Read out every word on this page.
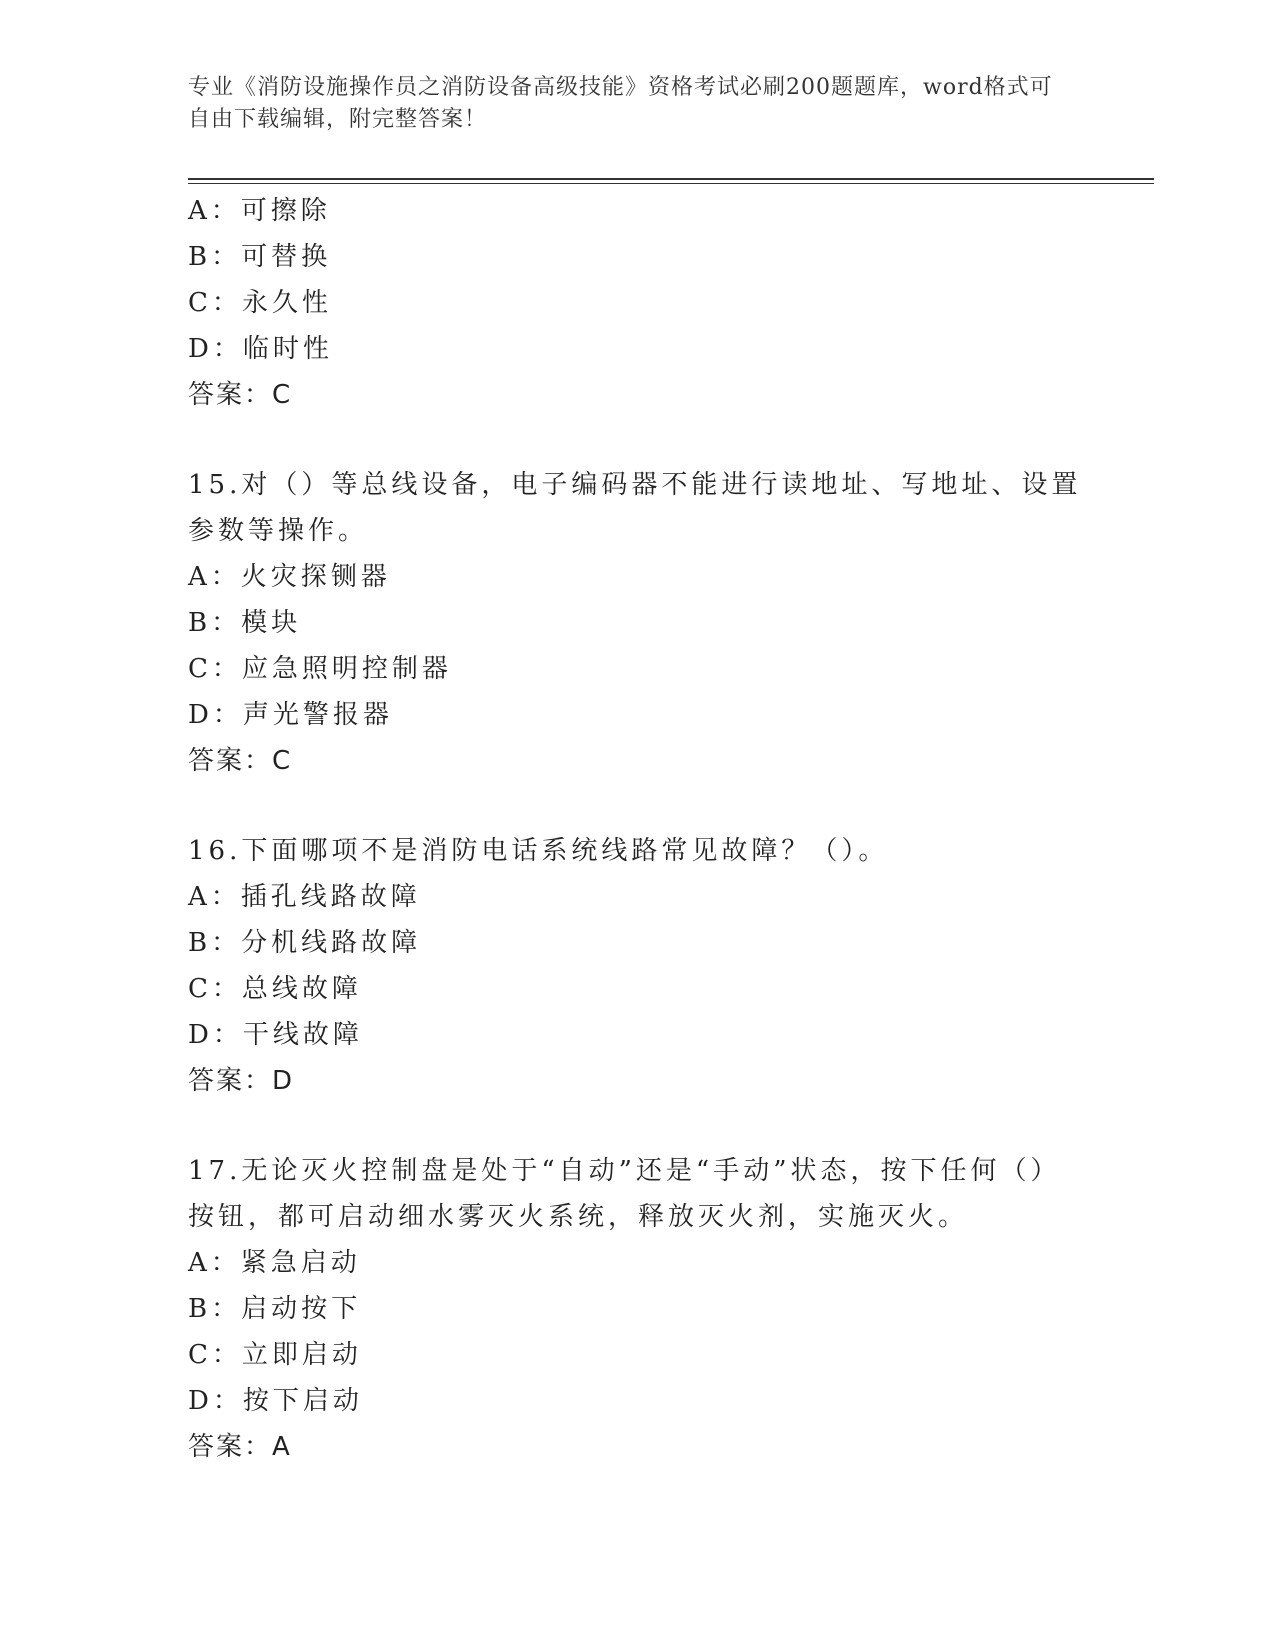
专业《消防设施操作员之消防设备高级技能》资格考试必刷200题题库，word格式可自由下载编辑，附完整答案！
A：可擦除
B：可替换
C：永久性
D：临时性
答案：C
15.对（）等总线设备，电子编码器不能进行读地址、写地址、设置参数等操作。
A：火灾探铡器
B：模块
C：应急照明控制器
D：声光警报器
答案：C
16.下面哪项不是消防电话系统线路常见故障？（）。
A：插孔线路故障
B：分机线路故障
C：总线故障
D：干线故障
答案：D
17.无论灭火控制盘是处于“自动”还是“手动”状态，按下任何（）按钮，都可启动细水雾灭火系统，释放灭火剂，实施灭火。
A：紧急启动
B：启动按下
C：立即启动
D：按下启动
答案：A
